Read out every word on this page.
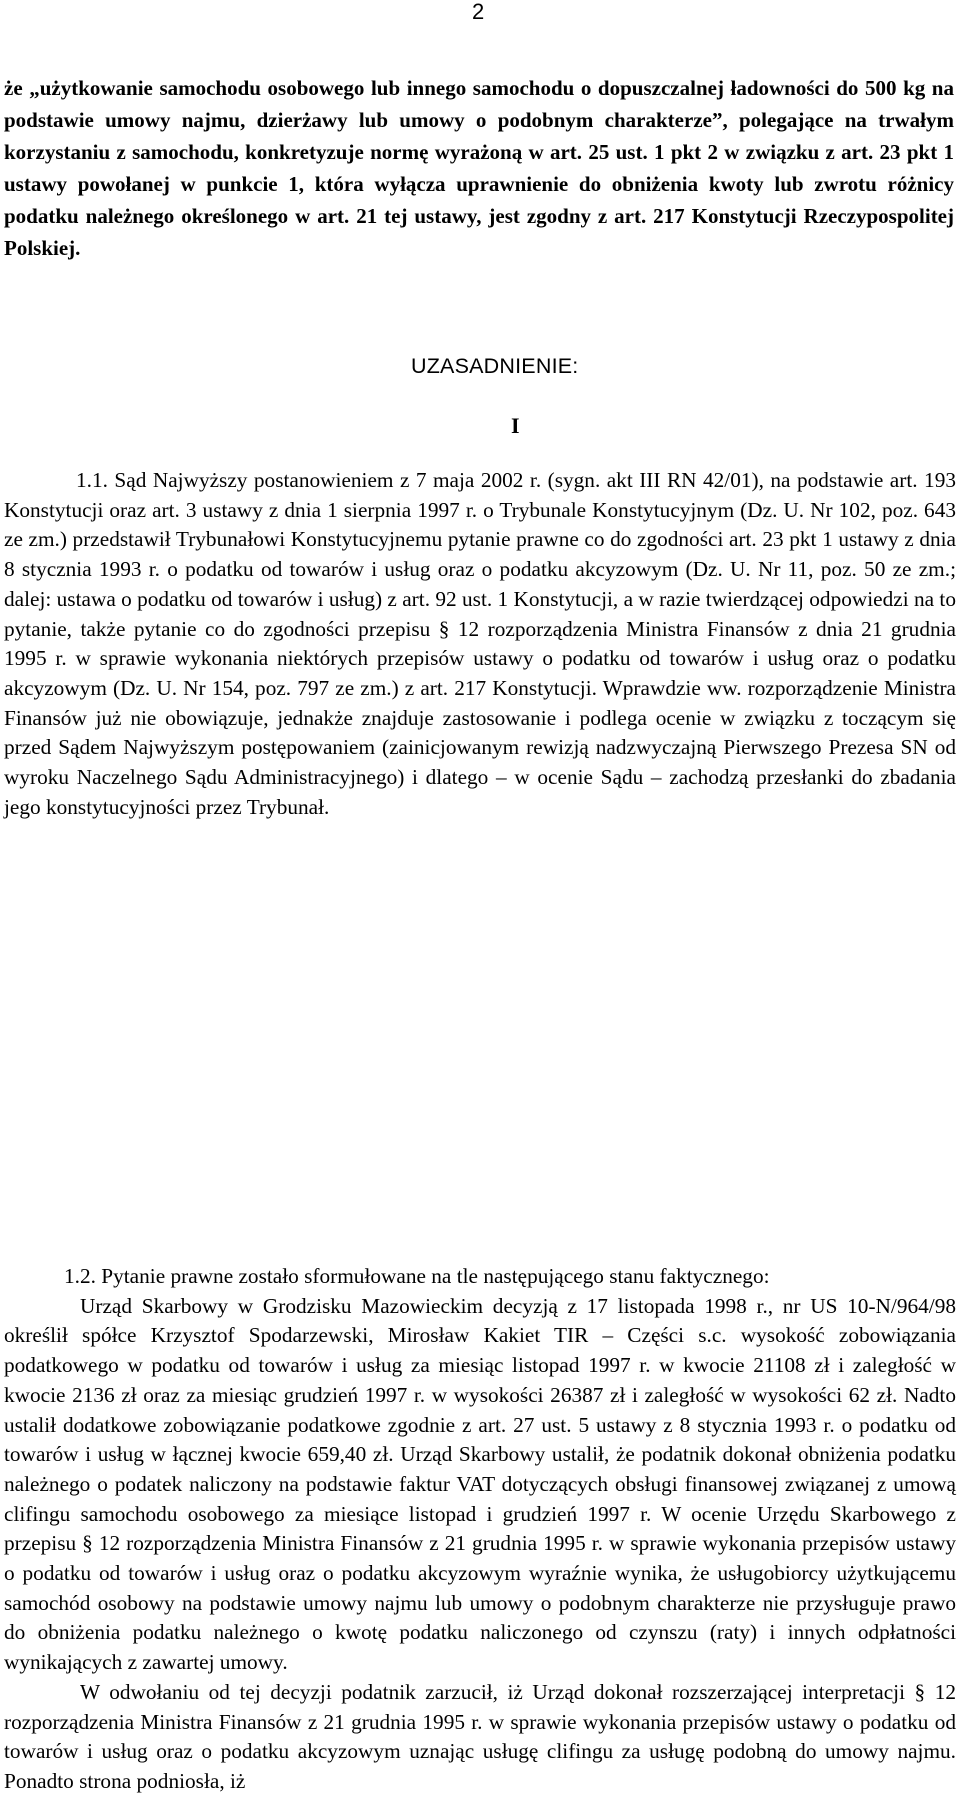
2
że „użytkowanie samochodu osobowego lub innego samochodu o dopuszczalnej ładowności do 500 kg na podstawie umowy najmu, dzierżawy lub umowy o podobnym charakterze”, polegające na trwałym korzystaniu z samochodu, konkretyzuje normę wyrażoną w art. 25 ust. 1 pkt 2 w związku z art. 23 pkt 1 ustawy powołanej w punkcie 1, która wyłącza uprawnienie do obniżenia kwoty lub zwrotu różnicy podatku należnego określonego w art. 21 tej ustawy, jest zgodny z art. 217 Konstytucji Rzeczypospolitej Polskiej.
UZASADNIENIE:
I

1.1. Sąd Najwyższy postanowieniem z 7 maja 2002 r. (sygn. akt III RN 42/01), na podstawie art. 193 Konstytucji oraz art. 3 ustawy z dnia 1 sierpnia 1997 r. o Trybunale Konstytucyjnym (Dz. U. Nr 102, poz. 643 ze zm.) przedstawił Trybunałowi Konstytucyjnemu pytanie prawne co do zgodności art. 23 pkt 1 ustawy z dnia 8 stycznia 1993 r. o podatku od towarów i usług oraz o podatku akcyzowym (Dz. U. Nr 11, poz. 50 ze zm.; dalej: ustawa o podatku od towarów i usług) z art. 92 ust. 1 Konstytucji, a w razie twierdzącej odpowiedzi na to pytanie, także pytanie co do zgodności przepisu § 12 rozporządzenia Ministra Finansów z dnia 21 grudnia 1995 r. w sprawie wykonania niektórych przepisów ustawy o podatku od towarów i usług oraz o podatku akcyzowym (Dz. U. Nr 154, poz. 797 ze zm.) z art. 217 Konstytucji. Wprawdzie ww. rozporządzenie Ministra Finansów już nie obowiązuje, jednakże znajduje zastosowanie i podlega ocenie w związku z toczącym się przed Sądem Najwyższym postępowaniem (zainicjowanym rewizją nadzwyczajną Pierwszego Prezesa SN od wyroku Naczelnego Sądu Administracyjnego) i dlatego – w ocenie Sądu – zachodzą przesłanki do zbadania jego konstytucyjności przez Trybunał.

1.2. Pytanie prawne zostało sformułowane na tle następującego stanu faktycznego:

Urząd Skarbowy w Grodzisku Mazowieckim decyzją z 17 listopada 1998 r., nr US 10-N/964/98 określił spółce Krzysztof Spodarzewski, Mirosław Kakiet TIR – Części s.c. wysokość zobowiązania podatkowego w podatku od towarów i usług za miesiąc listopad 1997 r. w kwocie 21108 zł i zaległość w kwocie 2136 zł oraz za miesiąc grudzień 1997 r. w wysokości 26387 zł i zaległość w wysokości 62 zł. Nadto ustalił dodatkowe zobowiązanie podatkowe zgodnie z art. 27 ust. 5 ustawy z 8 stycznia 1993 r. o podatku od towarów i usług w łącznej kwocie 659,40 zł. Urząd Skarbowy ustalił, że podatnik dokonał obniżenia podatku należnego o podatek naliczony na podstawie faktur VAT dotyczących obsługi finansowej związanej z umową clifingu samochodu osobowego za miesiące listopad i grudzień 1997 r. W ocenie Urzędu Skarbowego z przepisu § 12 rozporządzenia Ministra Finansów z 21 grudnia 1995 r. w sprawie wykonania przepisów ustawy o podatku od towarów i usług oraz o podatku akcyzowym wyraźnie wynika, że usługobiorcy użytkującemu samochód osobowy na podstawie umowy najmu lub umowy o podobnym charakterze nie przysługuje prawo do obniżenia podatku należnego o kwotę podatku naliczonego od czynszu (raty) i innych odpłatności wynikających z zawartej umowy.

W odwołaniu od tej decyzji podatnik zarzucił, iż Urząd dokonał rozszerzającej interpretacji § 12 rozporządzenia Ministra Finansów z 21 grudnia 1995 r. w sprawie wykonania przepisów ustawy o podatku od towarów i usług oraz o podatku akcyzowym uznając usługę clifingu za usługę podobną do umowy najmu. Ponadto strona podniosła, iż
